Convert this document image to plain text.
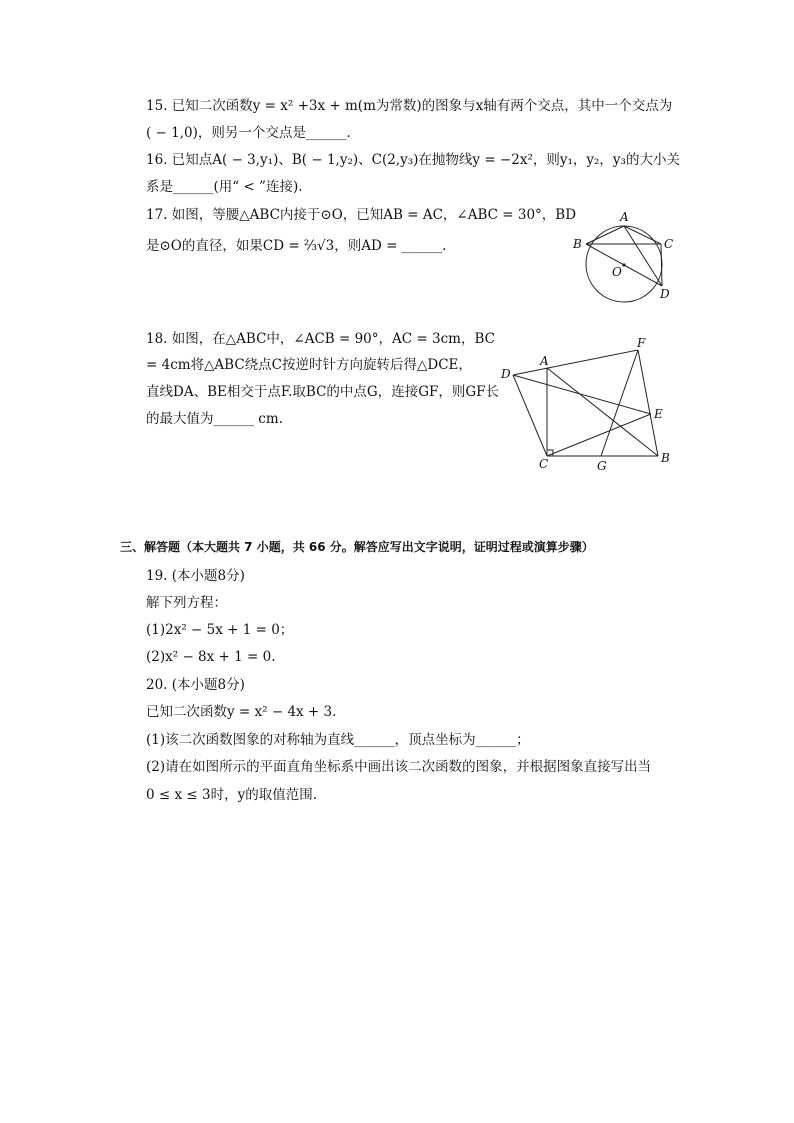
15. 已知二次函数y = x² +3x + m(m为常数)的图象与x轴有两个交点，其中一个交点为
( − 1,0)，则另一个交点是______.
16. 已知点A( − 3,y₁)、B( − 1,y₂)、C(2,y₃)在抛物线y = −2x²，则y₁，y₂，y₃的大小关
系是______(用“ < ”连接).
17. 如图，等腰△ABC内接于⊙O，已知AB = AC，∠ABC = 30°，BD
是⊙O的直径，如果CD = ⅔√3，则AD = ______.
A
B	C
O
D
18. 如图，在△ABC中，∠ACB = 90°，AC = 3cm，BC
= 4cm将△ABC绕点C按逆时针方向旋转后得△DCE，
直线DA、BE相交于点F.取BC的中点G，连接GF，则GF长
的最大值为______ cm.
D
A
F
E
C	G
B
三、解答题（本大题共 7 小题，共 66 分。解答应写出文字说明，证明过程或演算步骤）
19. (本小题8分)
解下列方程：
(1)2x² − 5x + 1 = 0；
(2)x² − 8x + 1 = 0.
20. (本小题8分)
已知二次函数y = x² − 4x + 3.
(1)该二次函数图象的对称轴为直线______，顶点坐标为______；
(2)请在如图所示的平面直角坐标系中画出该二次函数的图象，并根据图象直接写出当
0 ≤ x ≤ 3时，y的取值范围.
